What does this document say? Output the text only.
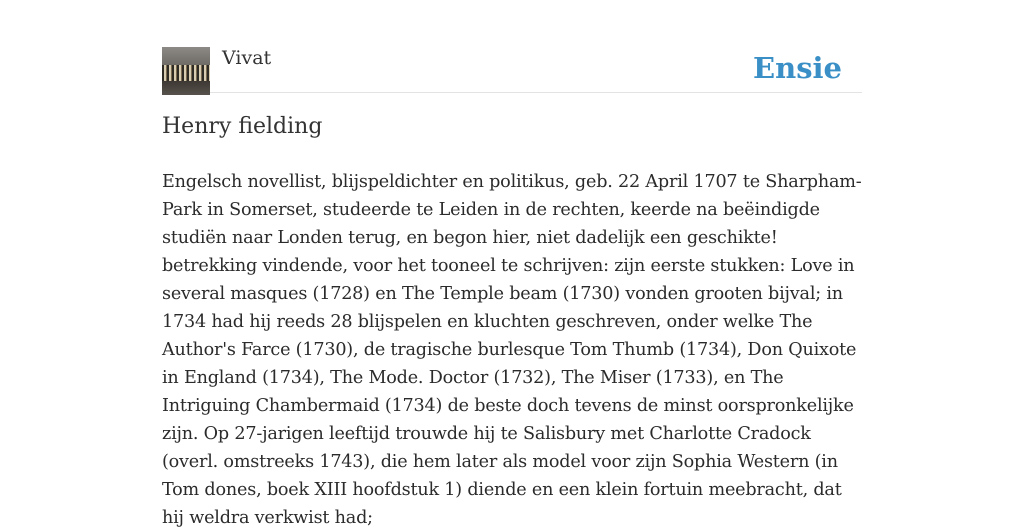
Vivat	Ensie
Henry fielding

Engelsch novellist, blijspeldichter en politikus, geb. 22 April 1707 te Sharpham-Park in Somerset, studeerde te Leiden in de rechten, keerde na beëindigde studiën naar Londen terug, en begon hier, niet dadelijk een geschikte! betrekking vindende, voor het tooneel te schrijven: zijn eerste stukken: Love in several masques (1728) en The Temple beam (1730) vonden grooten bijval; in 1734 had hij reeds 28 blijspelen en kluchten geschreven, onder welke The Author's Farce (1730), de tragische burlesque Tom Thumb (1734), Don Quixote in England (1734), The Mode. Doctor (1732), The Miser (1733), en The Intriguing Chambermaid (1734) de beste doch tevens de minst oorspronkelijke zijn. Op 27-jarigen leeftijd trouwde hij te Salisbury met Charlotte Cradock (overl. omstreeks 1743), die hem later als model voor zijn Sophia Western (in Tom dones, boek XIII hoofdstuk 1) diende en een klein fortuin meebracht, dat hij weldra verkwist had;
